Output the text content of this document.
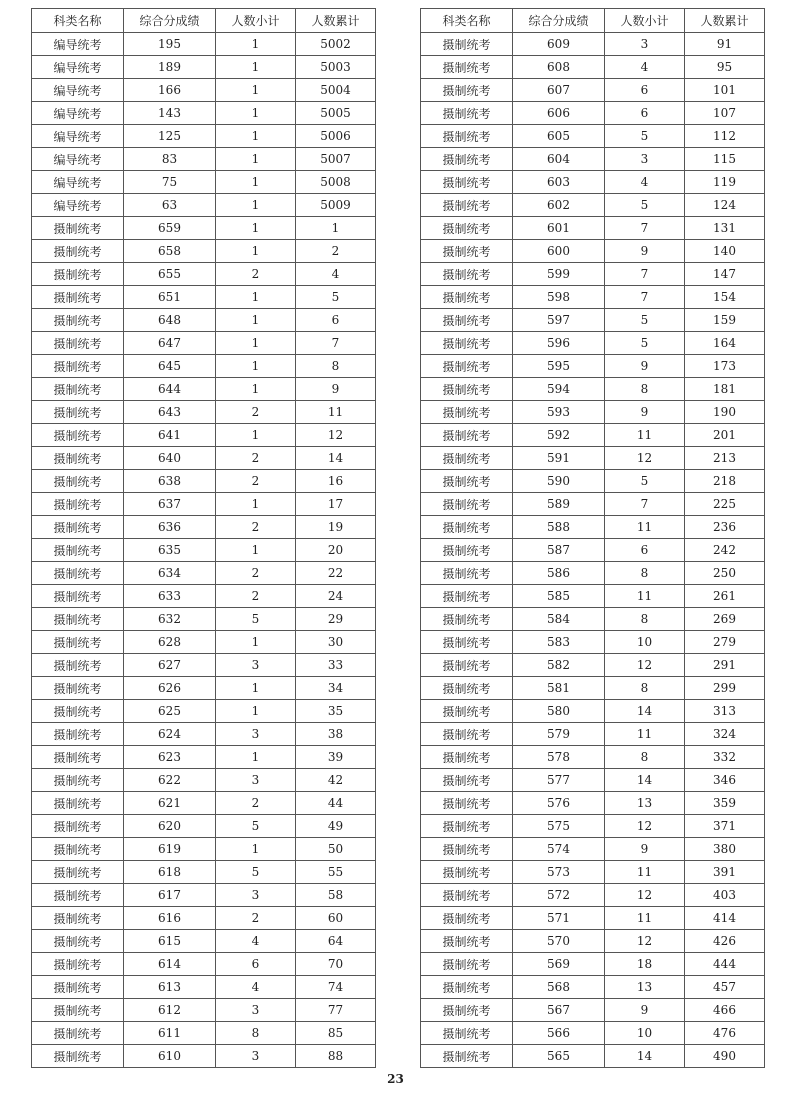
科类名称	综合分成绩	人数小计	人数累计
编导统考	195	1	5002
编导统考	189	1	5003
编导统考	166	1	5004
编导统考	143	1	5005
编导统考	125	1	5006
编导统考	83	1	5007
编导统考	75	1	5008
编导统考	63	1	5009
摄制统考	659	1	1
摄制统考	658	1	2
摄制统考	655	2	4
摄制统考	651	1	5
摄制统考	648	1	6
摄制统考	647	1	7
摄制统考	645	1	8
摄制统考	644	1	9
摄制统考	643	2	11
摄制统考	641	1	12
摄制统考	640	2	14
摄制统考	638	2	16
摄制统考	637	1	17
摄制统考	636	2	19
摄制统考	635	1	20
摄制统考	634	2	22
摄制统考	633	2	24
摄制统考	632	5	29
摄制统考	628	1	30
摄制统考	627	3	33
摄制统考	626	1	34
摄制统考	625	1	35
摄制统考	624	3	38
摄制统考	623	1	39
摄制统考	622	3	42
摄制统考	621	2	44
摄制统考	620	5	49
摄制统考	619	1	50
摄制统考	618	5	55
摄制统考	617	3	58
摄制统考	616	2	60
摄制统考	615	4	64
摄制统考	614	6	70
摄制统考	613	4	74
摄制统考	612	3	77
摄制统考	611	8	85
摄制统考	610	3	88
科类名称	综合分成绩	人数小计	人数累计
摄制统考	609	3	91
摄制统考	608	4	95
摄制统考	607	6	101
摄制统考	606	6	107
摄制统考	605	5	112
摄制统考	604	3	115
摄制统考	603	4	119
摄制统考	602	5	124
摄制统考	601	7	131
摄制统考	600	9	140
摄制统考	599	7	147
摄制统考	598	7	154
摄制统考	597	5	159
摄制统考	596	5	164
摄制统考	595	9	173
摄制统考	594	8	181
摄制统考	593	9	190
摄制统考	592	11	201
摄制统考	591	12	213
摄制统考	590	5	218
摄制统考	589	7	225
摄制统考	588	11	236
摄制统考	587	6	242
摄制统考	586	8	250
摄制统考	585	11	261
摄制统考	584	8	269
摄制统考	583	10	279
摄制统考	582	12	291
摄制统考	581	8	299
摄制统考	580	14	313
摄制统考	579	11	324
摄制统考	578	8	332
摄制统考	577	14	346
摄制统考	576	13	359
摄制统考	575	12	371
摄制统考	574	9	380
摄制统考	573	11	391
摄制统考	572	12	403
摄制统考	571	11	414
摄制统考	570	12	426
摄制统考	569	18	444
摄制统考	568	13	457
摄制统考	567	9	466
摄制统考	566	10	476
摄制统考	565	14	490
23
